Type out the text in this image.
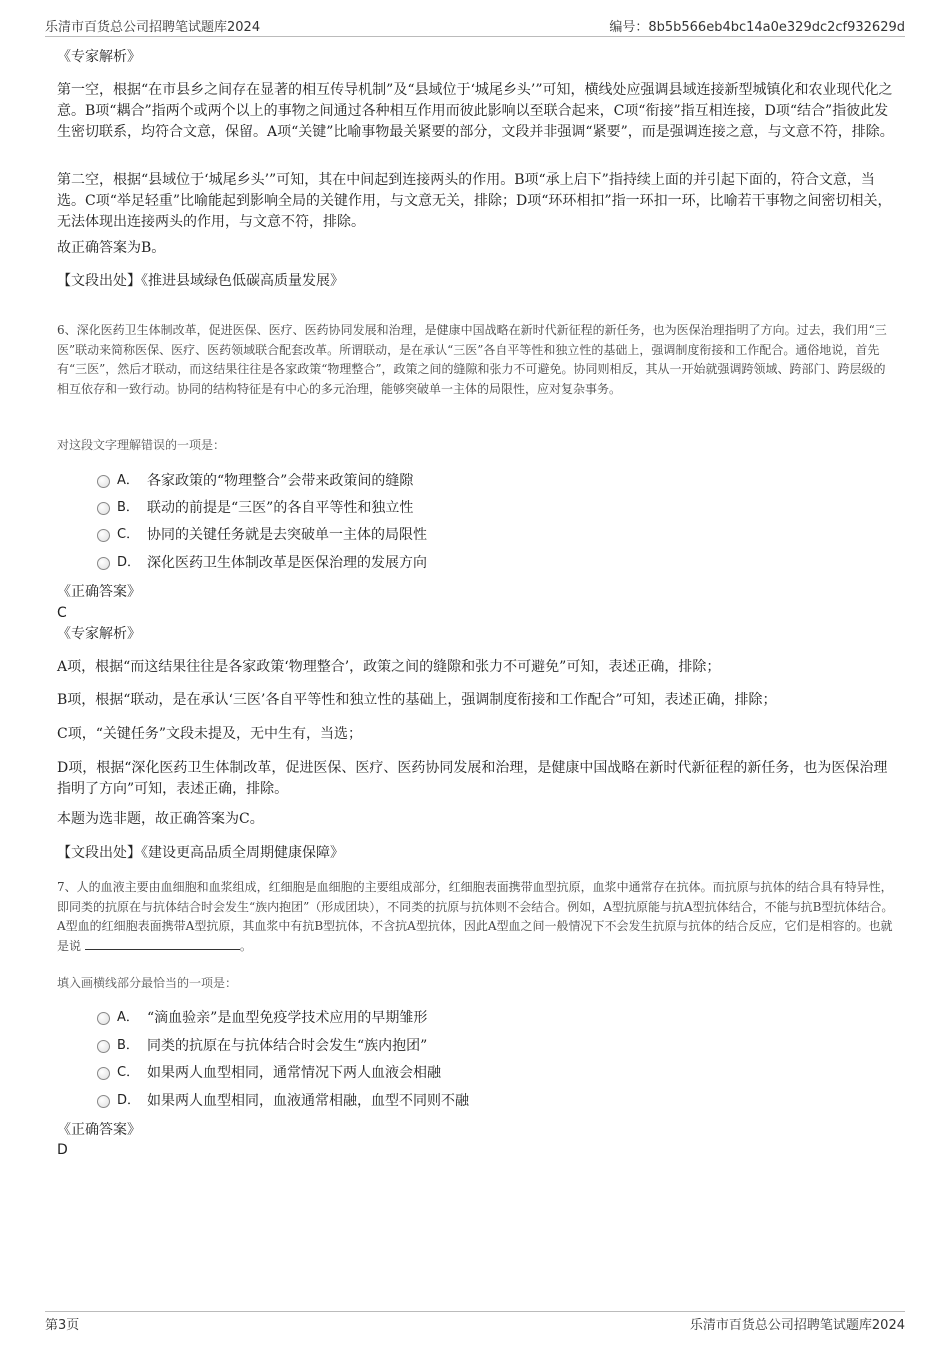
乐清市百货总公司招聘笔试题库2024	编号：8b5b566eb4bc14a0e329dc2cf932629d
《专家解析》

第一空，根据“在市县乡之间存在显著的相互传导机制”及“县域位于‘城尾乡头’”可知，横线处应强调县域连接新型城镇化和农业现代化之意。B项“耦合”指两个或两个以上的事物之间通过各种相互作用而彼此影响以至联合起来，C项“衔接”指互相连接，D项“结合”指彼此发生密切联系，均符合文意，保留。A项“关键”比喻事物最关紧要的部分，文段并非强调“紧要”，而是强调连接之意，与文意不符，排除。

第二空，根据“县域位于‘城尾乡头’”可知，其在中间起到连接两头的作用。B项“承上启下”指持续上面的并引起下面的，符合文意，当选。C项“举足轻重”比喻能起到影响全局的关键作用，与文意无关，排除；D项“环环相扣”指一环扣一环，比喻若干事物之间密切相关，无法体现出连接两头的作用，与文意不符，排除。

故正确答案为B。
【文段出处】《推进县域绿色低碳高质量发展》

6、深化医药卫生体制改革，促进医保、医疗、医药协同发展和治理，是健康中国战略在新时代新征程的新任务，也为医保治理指明了方向。过去，我们用“三医”联动来简称医保、医疗、医药领域联合配套改革。所谓联动，是在承认“三医”各自平等性和独立性的基础上，强调制度衔接和工作配合。通俗地说，首先有“三医”，然后才联动，而这结果往往是各家政策“物理整合”，政策之间的缝隙和张力不可避免。协同则相反，其从一开始就强调跨领域、跨部门、跨层级的相互依存和一致行动。协同的结构特征是有中心的多元治理，能够突破单一主体的局限性，应对复杂事务。

对这段文字理解错误的一项是：
A． 各家政策的“物理整合”会带来政策间的缝隙
B． 联动的前提是“三医”的各自平等性和独立性
C． 协同的关键任务就是去突破单一主体的局限性
D． 深化医药卫生体制改革是医保治理的发展方向
《正确答案》
C
《专家解析》

A项，根据“而这结果往往是各家政策‘物理整合’，政策之间的缝隙和张力不可避免”可知，表述正确，排除；

B项，根据“联动，是在承认‘三医’各自平等性和独立性的基础上，强调制度衔接和工作配合”可知，表述正确，排除；

C项，“关键任务”文段未提及，无中生有，当选；

D项，根据“深化医药卫生体制改革，促进医保、医疗、医药协同发展和治理，是健康中国战略在新时代新征程的新任务，也为医保治理指明了方向”可知，表述正确，排除。

本题为选非题，故正确答案为C。
【文段出处】《建设更高品质全周期健康保障》

7、人的血液主要由血细胞和血浆组成，红细胞是血细胞的主要组成部分，红细胞表面携带血型抗原，血浆中通常存在抗体。而抗原与抗体的结合具有特异性，即同类的抗原在与抗体结合时会发生“族内抱团”（形成团块），不同类的抗原与抗体则不会结合。例如，A型抗原能与抗A型抗体结合，不能与抗B型抗体结合。A型血的红细胞表面携带A型抗原，其血浆中有抗B型抗体，不含抗A型抗体，因此A型血之间一般情况下不会发生抗原与抗体的结合反应，它们是相容的。也就是说	。

填入画横线部分最恰当的一项是：
A． “滴血验亲”是血型免疫学技术应用的早期雏形
B． 同类的抗原在与抗体结合时会发生“族内抱团”
C． 如果两人血型相同，通常情况下两人血液会相融
D． 如果两人血型相同，血液通常相融，血型不同则不融
《正确答案》
D
第3页	乐清市百货总公司招聘笔试题库2024
